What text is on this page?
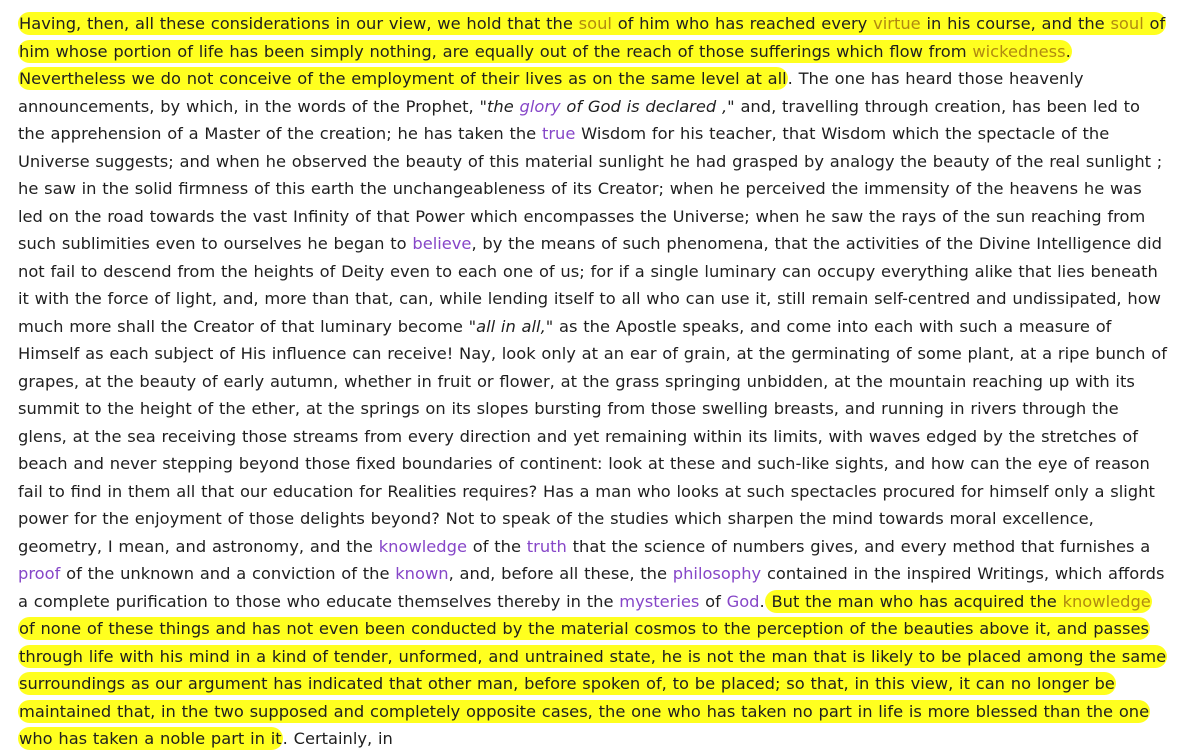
Having, then, all these considerations in our view, we hold that the soul of him who has reached every virtue in his course, and the soul of him whose portion of life has been simply nothing, are equally out of the reach of those sufferings which flow from wickedness. Nevertheless we do not conceive of the employment of their lives as on the same level at all. The one has heard those heavenly announcements, by which, in the words of the Prophet, "the glory of God is declared ," and, travelling through creation, has been led to the apprehension of a Master of the creation; he has taken the true Wisdom for his teacher, that Wisdom which the spectacle of the Universe suggests; and when he observed the beauty of this material sunlight he had grasped by analogy the beauty of the real sunlight ; he saw in the solid firmness of this earth the unchangeableness of its Creator; when he perceived the immensity of the heavens he was led on the road towards the vast Infinity of that Power which encompasses the Universe; when he saw the rays of the sun reaching from such sublimities even to ourselves he began to believe, by the means of such phenomena, that the activities of the Divine Intelligence did not fail to descend from the heights of Deity even to each one of us; for if a single luminary can occupy everything alike that lies beneath it with the force of light, and, more than that, can, while lending itself to all who can use it, still remain self-centred and undissipated, how much more shall the Creator of that luminary become "all in all," as the Apostle speaks, and come into each with such a measure of Himself as each subject of His influence can receive! Nay, look only at an ear of grain, at the germinating of some plant, at a ripe bunch of grapes, at the beauty of early autumn, whether in fruit or flower, at the grass springing unbidden, at the mountain reaching up with its summit to the height of the ether, at the springs on its slopes bursting from those swelling breasts, and running in rivers through the glens, at the sea receiving those streams from every direction and yet remaining within its limits, with waves edged by the stretches of beach and never stepping beyond those fixed boundaries of continent: look at these and such-like sights, and how can the eye of reason fail to find in them all that our education for Realities requires? Has a man who looks at such spectacles procured for himself only a slight power for the enjoyment of those delights beyond? Not to speak of the studies which sharpen the mind towards moral excellence, geometry, I mean, and astronomy, and the knowledge of the truth that the science of numbers gives, and every method that furnishes a proof of the unknown and a conviction of the known, and, before all these, the philosophy contained in the inspired Writings, which affords a complete purification to those who educate themselves thereby in the mysteries of God. But the man who has acquired the knowledge of none of these things and has not even been conducted by the material cosmos to the perception of the beauties above it, and passes through life with his mind in a kind of tender, unformed, and untrained state, he is not the man that is likely to be placed among the same surroundings as our argument has indicated that other man, before spoken of, to be placed; so that, in this view, it can no longer be maintained that, in the two supposed and completely opposite cases, the one who has taken no part in life is more blessed than the one who has taken a noble part in it. Certainly, in
